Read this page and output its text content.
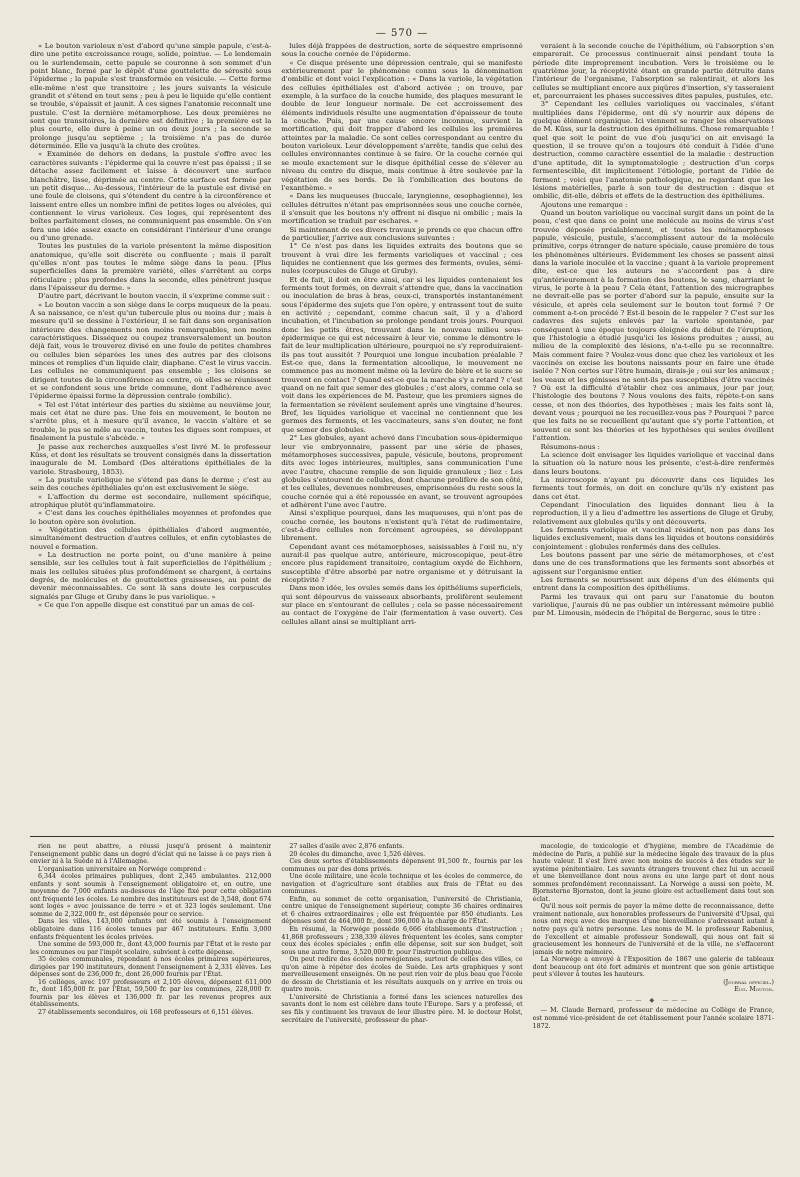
— 570 —

« Le bouton varioleux n'est d'abord qu'une simple papule, c'est-à-dire une petite excroissance rouge, solide, pointue. — Le lendemain ou le surlendemain, cette papule se couronne à son sommet d'un point blanc, formé par le dépôt d'une gouttelette de sérosité sous l'épiderme ; la papule s'est transformée en vésicule. — Cette forme elle-même n'est que transitoire ; les jours suivants la vésicule grandit et s'étend en tout sens ; peu à peu le liquide qu'elle contient se trouble, s'épaissit et jaunit. À ces signes l'anatomie reconnaît une pustule. C'est la dernière métamorphose. Les deux premières ne sont que transitoires, la dernière est définitive ; la première est la plus courte, elle dure à peine un ou deux jours ; la seconde se prolonge jusqu'au septième ; la troisième n'a pas de durée déterminée. Elle va jusqu'à la chute des croûtes.

« Examinée de dehors en dedans, la pustule s'offre avec les caractères suivants : l'épiderme qui la couvre n'est pas épaissi ; il se détache assez facilement et laisse à découvert une surface blanchâtre, lisse, déprimée au centre. Cette surface est formée par un petit disque... Au-dessous, l'intérieur de la pustule est divisé en une foule de cloisons, qui s'étendent du centre à la circonférence et laissent entre elles un nombre infini de petites loges ou alvéoles, qui contiennent le virus varioleux. Ces loges, qui représentent des boîtes parfaitement closes, ne communiquent pas ensemble. On s'en fera une idée assez exacte en considérant l'intérieur d'une orange ou d'une grenade.

Toutes les pustules de la variole présentent la même disposition anatomique, qu'elle soit discrète ou confluente ; mais il paraît qu'elles n'ont pas toutes le même siège dans la peau. [Plus superficielles dans la première variété, elles s'arrêtent au corps réticulaire ; plus profondes dans la seconde, elles pénètrent jusque dans l'épaisseur du derme. »

D'autre part, décrivant le bouton vaccin, il s'exprime comme suit :

« Le bouton vaccin a son siège dans le corps muqueux de la peau. À sa naissance, ce n'est qu'un tubercule plus ou moins dur ; mais à mesure qu'il se dessine à l'extérieur, il se fait dans son organisation intérieure des changements non moins remarquables, non moins caractéristiques. Disséquez ou coupez transversalement un bouton déjà fait, vous le trouverez divisé en une foule de petites chambres ou cellules bien séparées les unes des autres par des cloisons minces et remplies d'un liquide clair, diaphane. C'est le virus vaccin. Les cellules ne communiquent pas ensemble ; les cloisons se dirigent toutes de la circonférence au centre, où elles se réunissent et se confondent sous une bride commune, dont l'adhérence avec l'épiderme épaissi forme la dépression centrale (ombilic).

« Tel est l'état intérieur des parties du sixième au neuvième jour, mais cet état ne dure pas. Une fois en mouvement, le bouton ne s'arrête plus, et à mesure qu'il avance, le vaccin s'altère et se trouble, le pus se mêle au vaccin, toutes les digues sont rompues, et finalement la pustule s'abcède. »

Je passe aux recherches auxquelles s'est livré M. le professeur Küss, et dont les résultats se trouvent consignés dans la dissertation inaugurale de M. Lombard (Des altérations épithéliales de la variole. Strasbourg, 1853).

« La pustule variolique ne s'étend pas dans le derme ; c'est au sein des couches épithéliales qu'on est exclusivement le siège.

« L'affection du derme est secondaire, nullement spécifique, atrophique plutôt qu'inflammatoire.

« C'est dans les couches épithéliales moyennes et profondes que le bouton opère son évolution.

« Végétation des cellules épithéliales d'abord augmentée, simultanément destruction d'autres cellules, et enfin cytoblastes de nouvel e formation.

« La destruction ne porte point, ou d'une manière à peine sensible, sur les cellules tout à fait superficielles de l'épithélium ; mais les cellules situées plus profondément se chargent, à certains degrés, de molécules et de gouttelettes graisseuses, au point de devenir méconnaissables. Ce sont là sans doute les corpuscules signalés par Gluge et Gruby dans le pus variolique. »

« Ce que l'on appelle disque est constitué par un amas de cel-

lules déjà frappées de destruction, sorte de séquestre emprisonné sous la couche cornée de l'épiderme.

« Ce disque présente une dépression centrale, qui se manifeste extérieurement par le phénomène connu sous la dénomination d'ombilic et dont voici l'explication : « Dans la variole, la végétation des cellules épithéliales est d'abord activée ; on trouve, par exemple, à la surface de la couche humide, des plaques mesurant le double de leur longueur normale. De cet accroissement des éléments individuels résulte une augmentation d'épaisseur de toute la couche. Puis, par une cause encore inconnue, survient la mortification, qui doit frapper d'abord les cellules les premières atteintes par la maladie. Ce sont celles correspondant au centre du bouton varioleux. Leur développement s'arrête, tandis que celui des cellules environnantes continue à se faire. Or la couche cornée qui se moule exactement sur le disque épithélial cesse de s'élever au niveau du centre du disque, mais continue à être soulevée par la végétation de ses bords. De là l'ombilication des boutons de l'exanthème. »

« Dans les muqueuses (buccale, laryngienne, œsophagienne), les cellules détruites n'étant pas emprisonnées sous une couche cornée, il s'ensuit que les boutons n'y offrent ni disque ni ombilic ; mais la mortification se traduit par eschares. »

Si maintenant de ces divers travaux je prends ce que chacun offre de particulier, j'arrive aux conclusions suivantes :

1° Ce n'est pas dans les liquides extraits des boutons que se trouvent à vrai dire les ferments varioliques et vaccinal ; ces liquides ne contiennent que les germes des ferments, ovules, sémi-nules (corpuscules de Gluge et Gruby).

Et de fait, il doit en être ainsi, car si les liquides contenaient les ferments tout formés, on devrait s'attendre que, dans la vaccination ou inoculation de bras à bras, ceux-ci, transportés instantanément sous l'épiderme des sujets que l'on opère, y entrassent tout de suite en activité ; cependant, comme chacun sait, il y a d'abord incubation, et l'incubation se prolonge pendant trois jours. Pourquoi donc les petits êtres, trouvant dans le nouveau milieu sous-épidermique ce qui est nécessaire à leur vie, comme le démontre le fait de leur multiplication ultérieure, pourquoi ne s'y reproduiraient-ils pas tout aussitôt ? Pourquoi une longue incubation préalable ? Est-ce que, dans la fermentation alcoolique, le mouvement ne commence pas au moment même où la levûre de bière et le sucre se trouvent en contact ? Quand est-ce que la marche s'y a retard ? c'est quand on ne fait que semer des globules ; c'est alors, comme cela se voit dans les expériences de M. Pasteur, que les premiers signes de la fermentation se révèlent seulement après une vingtaine d'heures. Bref, les liquides variolique et vaccinal ne contiennent que les germes des ferments, et les vaccinateurs, sans s'en douter, ne font que semer des globules.

2° Les globules, ayant achevé dans l'incubation sous-épidermique leur vie embryonnaire, passent par une série de phases, métamorphoses successives, papule, vésicule, boutons, proprement dits avec loges intérieures, multiples, sans communication l'une avec l'autre, chacune remplie de son liquide granuleux ; liez : Les globules s'entourent de cellules, dont chacune prolifère de son côté, et les cellules, devenues nombreuses, emprisonnées du reste sous la couche cornée qui a été repoussée en avant, se trouvent agroupées et adhèrent l'une avec l'autre.

Ainsi s'explique pourquoi, dans les muqueuses, qui n'ont pas de couche cornée, les boutons n'existent qu'à l'état de rudimentaire, c'est-à-dire cellules non forcément agroupées, se développant librement.

Cependant avant ces métamorphoses, saisissables à l'œil nu, n'y aurait-il pas quelque autre, antérieure, microscopique, peut-être encore plus rapidement transitoire, contagium oxydé de Eichhorn, susceptible d'être absorbé par notre organisme et y détruisant la réceptivité ?

Dans mon idée, les ovules semés dans les épithéliums superficiels, qui sont dépourvus de vaisseaux absorbants, prolifèrent seulement sur place en s'entourant de cellules ; cela se passe nécessairement au contact de l'oxygène de l'air (fermentation à vase ouvert). Ces cellules allant ainsi se multipliant arri-

veraient à la seconde couche de l'épithélium, où l'absorption s'en emparerait. Ce processus continuerait ainsi pendant toute la période dite improprement incubation. Vers le troisième ou le quatrième jour, la réceptivité étant en grande partie détruite dans l'intérieur de l'organisme, l'absorption se ralentirait, et alors les cellules se multipliant encore aux piqûres d'insertion, s'y tasseraient et, parcourraient les phases successives dites papules, pustules, etc.

3° Cependant les cellules varioliques ou vaccinales, s'étant multipliées dans l'épiderme, ont dû s'y nourrir aux dépens de quelque élément organique. Ici viennent se ranger les observations de M. Küss, sur la destruction des épithéliums. Chose remarquable ! quel que soit le point de vue d'où jusqu'ici on ait envisagé la question, il se trouve qu'on a toujours été conduit à l'idée d'une destruction, comme caractère essentiel de la maladie : destruction d'une aptitude, dit la symptomatologie ; destruction d'un corps fermentescible, dit implicitement l'étiologie, portant de l'idée de ferment ; voici que l'anatomie pathologique, ne regardant que les lésions matérielles, parle à son tour de destruction : disque et ombilic, dit-elle, débris et effets de la destruction des épithéliums.

Ajoutons une remarque :

Quand un bouton variolique ou vaccinal surgit dans un point de la peau, c'est que dans ce point une molécule au moins de virus s'est trouvée déposée préalablement, et toutes les métamorphoses papule, vésicule, pustule, s'accomplissent autour de la molécule primitive, corps étranger de nature spéciale, cause première de tous les phénomènes ultérieurs. Évidemment les choses se passent ainsi dans la variole inoculée et la vaccine ; quant à la variole proprement dite, est-ce que les auteurs ne s'accordent pas à dire qu'antérieurement à la formation des boutons, le sang, charriant le virus, le porte à la peau ? Cela étant, l'attention des micrographes ne devrait-elle pas se porter d'abord sur la papule, ensuite sur la vésicule, et après cela seulement sur le bouton tout formé ? Or comment a-t-on procédé ? Est-il besoin de le rappeler ? C'est sur les cadavres des sujets enlevés par la variole spontanée, par conséquent à une époque toujours éloignée du début de l'éruption, que l'histologie a étudié jusqu'ici les lésions produites ; aussi, au milieu de la complexité des lésions, n'a-t-elle pu se reconnaître. Mais comment faire ? Voulez-vous donc que chez les varioleux et les vaccinés on excise les boutons naissants pour en faire une étude isolée ? Non certes sur l'être humain, dirais-je ; oui sur les animaux ; les veaux et les génisses ne sont-ils pas susceptibles d'être vaccinés ? Où est la difficulté d'établir chez ces animaux, jour par jour, l'histologie des boutons ? Nous voulons des faits, répète-t-on sans cesse, et non des théories, des hypothèses ; mais les faits sont là, devant vous ; pourquoi ne les recueillez-vous pas ? Pourquoi ? parce que les faits ne se recueillent qu'autant que s'y porte l'attention, et souvent ce sont les théories et les hypothèses qui seules éveillent l'attention.

Résumons-nous :

La science doit envisager les liquides variolique et vaccinal dans la situation où la nature nous les présente, c'est-à-dire renfermés dans leurs boutons.

La microscopie n'ayant pu découvrir dans ces liquides les ferments tout formés, on doit en conclure qu'ils n'y existent pas dans cet état.

Cependant l'inoculation des liquides donnant lieu à la reproduction, il y a lieu d'admettre les assertions de Gluge et Gruby, relativement aux globules qu'ils y ont découverts.

Les ferments variolique et vaccinal résident, non pas dans les liquides exclusivement, mais dans les liquides et boutons considérés conjointement : globules renfermés dans des cellules.

Les boutons passent par une série de métamorphoses, et c'est dans une de ces transformations que les ferments sont absorbés et agissent sur l'organisme entier.

Les ferments se nourrissent aux dépens d'un des éléments qui entrent dans la composition des épithéliums.

Parmi les travaux qui ont paru sur l'anatomie du bouton variolique, j'aurais dû ne pas oublier un intéressant mémoire publié par M. Limousin, médecin de l'hôpital de Bergerac, sous le titre :

rien ne peut abattre, a réussi jusqu'à présent à maintenir l'enseignement public dans un degré d'éclat qui ne laisse à ce pays rien à envier ni à la Suède ni à l'Allemagne.

L'organisation universitaire en Norwége comprend :

6,344 écoles primaires publiques, dont 2,345 ambulantes. 212,000 enfants y sont soumis à l'enseignement obligatoire et, en outre, une moyenne de 7,000 enfants au-dessous de l'âge fixé pour cette obligation ont fréquenté les écoles. Le nombre des instituteurs est de 3,548, dont 674 sont logés « avec jouissance de terre » et et 323 logés seulement. Une somme de 2,322,000 fr., est dépensée pour ce service.

Dans les villes, 143,000 enfants ont été soumis à l'enseignement obligatoire dans 116 écoles tenues par 467 instituteurs. Enfin 3,000 enfants fréquentent les écoles privées.

Une somme de 593,000 fr., dont 43,000 fournis par l'État et le reste par les communes ou par l'impôt scolaire, subvient à cette dépense.

35 écoles communales, répondant à nos écoles primaires supérieures, dirigées par 190 instituteurs, donnent l'enseignement à 2,331 élèves. Les dépenses sont de 236,000 fr., dont 26,000 fournis par l'État.

16 collèges, avec 197 professeurs et 2,105 élèves, dépensent 611,000 fr., dont 185,000 fr. par l'État, 59,500 fr. par les communes, 228,000 fr. fournis par les élèves et 136,000 fr. par les revenus propres aux établissements.

27 établissements secondaires, où 168 professeurs et 6,151 élèves.

27 salles d'asile avec 2,876 enfants.

20 écoles du dimanche, avec 1,526 élèves.

Ces deux sortes d'établissements dépensent 91,500 fr., fournis par les communes ou par des dons privés.

Une école militaire, une école technique et les écoles de commerce, de navigation et d'agriculture sont établies aux frais de l'État ou des communes.

Enfin, au sommet de cette organisation, l'université de Christiania, centre unique de l'enseignement supérieur, compte 36 chaires ordinaires et 6 chaires extraordinaires ; elle est fréquentée par 850 étudiants. Les dépenses sont de 464,000 fr., dont 396,000 à la charge de l'État.

En résumé, la Norwége possède 6,666 établissements d'instruction ; 41,868 professeurs ; 238,339 élèves fréquentent les écoles, sans compter ceux des écoles spéciales ; enfin elle dépense, soit sur son budget, soit sous une autre forme, 3,520,000 fr. pour l'instruction publique.

On peut redire des écoles norwégiennes, surtout de celles des villes, ce qu'on aime à répéter des écoles de Suède. Les arts graphiques y sont merveilleusement enseignés. On ne peut rien voir de plus beau que l'école de dessin de Christiania et les résultats auxquels on y arrive en trois ou quatre mois.

L'université de Christiania a formé dans les sciences naturelles des savants dont le nom est célèbre dans toute l'Europe. Sars y a professé, et ses fils y continuent les travaux de leur illustre père. M. le docteur Holst, secrétaire de l'université, professeur de phar-

macologie, de toxicologie et d'hygiène, membre de l'Académie de médecine de Paris, a publié sur la médecine légale des travaux de la plus haute valeur. Il s'est livré avec non moins de succès à des études sur le système pénitentiaire. Les savants étrangers trouvent chez lui un accueil et une bienveillance dont nous avons eu une large part et dont nous sommes profondément reconnaissant. La Norwége a aussi son poète, M. Bjornsterne Bjornston, dont la jeune gloire est actuellement dans tout son éclat.

Qu'il nous soit permis de payer la même dette de reconnaissance, dette vraiment nationale, aux honorables professeurs de l'université d'Upsal, qui nous ont reçu avec des marques d'une bienveillance s'adressant autant à notre pays qu'à notre personne. Les noms de M. le professeur Rabenius, de l'excellent et aimable professeur Sondewall, qui nous ont fait si gracieusement les honneurs de l'université et de la ville, ne s'effaceront jamais de notre mémoire.

La Norwége a envoyé à l'Exposition de 1867 une galerie de tableaux dont beaucoup ont été fort admirés et montrent que son génie artistique peut s'élever à toutes les hauteurs.

(Journal officiel.)

Eug. Mouton.

——— ◆ ———

— M. Claude Bernard, professeur de médecine au Collège de France, est nommé vice-président de cet établissement pour l'année scolaire 1871-1872.
